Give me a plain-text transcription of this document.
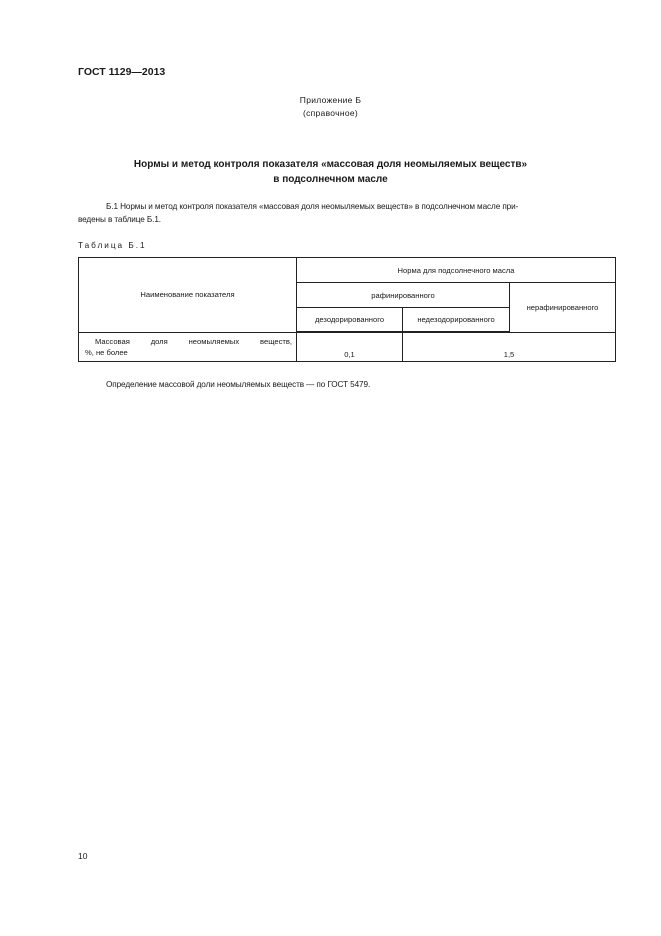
ГОСТ 1129—2013
Приложение Б
(справочное)
Нормы и метод контроля показателя «массовая доля неомыляемых веществ»
в подсолнечном масле
Б.1 Нормы и метод контроля показателя «массовая доля неомыляемых веществ» в подсолнечном масле при-
ведены в таблице Б.1.
Таблица Б.1
Наименование показателя	Норма для подсолнечного масла		
	рафинированного		нерафинированного
	дезодорированного	недезодорированного	

Массовая доля неомыляемых веществ,
%, не более	0,1	1,5	
Определение массовой доли неомыляемых веществ — по ГОСТ 5479.
10
